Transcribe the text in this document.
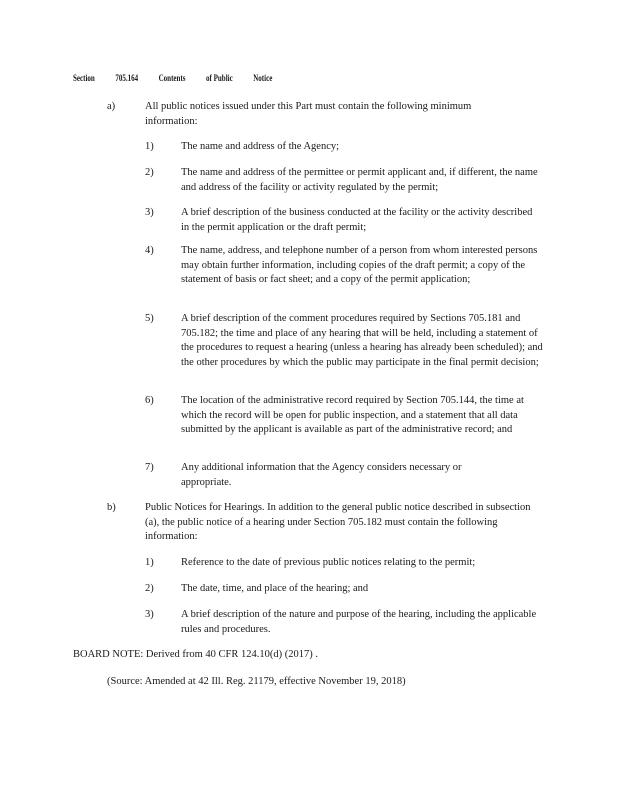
Section 705.164 Contents of Public Notice
a)	All public notices issued under this Part must contain the following minimum information:
1)	The name and address of the Agency;
2)	The name and address of the permittee or permit applicant and, if different, the name and address of the facility or activity regulated by the permit;
3)	A brief description of the business conducted at the facility or the activity described in the permit application or the draft permit;
4)	The name, address, and telephone number of a person from whom interested persons may obtain further information, including copies of the draft permit; a copy of the statement of basis or fact sheet; and a copy of the permit application;
5)	A brief description of the comment procedures required by Sections 705.181 and 705.182; the time and place of any hearing that will be held, including a statement of the procedures to request a hearing (unless a hearing has already been scheduled); and the other procedures by which the public may participate in the final permit decision;
6)	The location of the administrative record required by Section 705.144, the time at which the record will be open for public inspection, and a statement that all data submitted by the applicant is available as part of the administrative record; and
7)	Any additional information that the Agency considers necessary or appropriate.
b)	Public Notices for Hearings. In addition to the general public notice described in subsection (a), the public notice of a hearing under Section 705.182 must contain the following information:
1)	Reference to the date of previous public notices relating to the permit;
2)	The date, time, and place of the hearing; and
3)	A brief description of the nature and purpose of the hearing, including the applicable rules and procedures.
BOARD NOTE: Derived from 40 CFR 124.10(d) (2017) .
(Source: Amended at 42 Ill. Reg. 21179, effective November 19, 2018)
